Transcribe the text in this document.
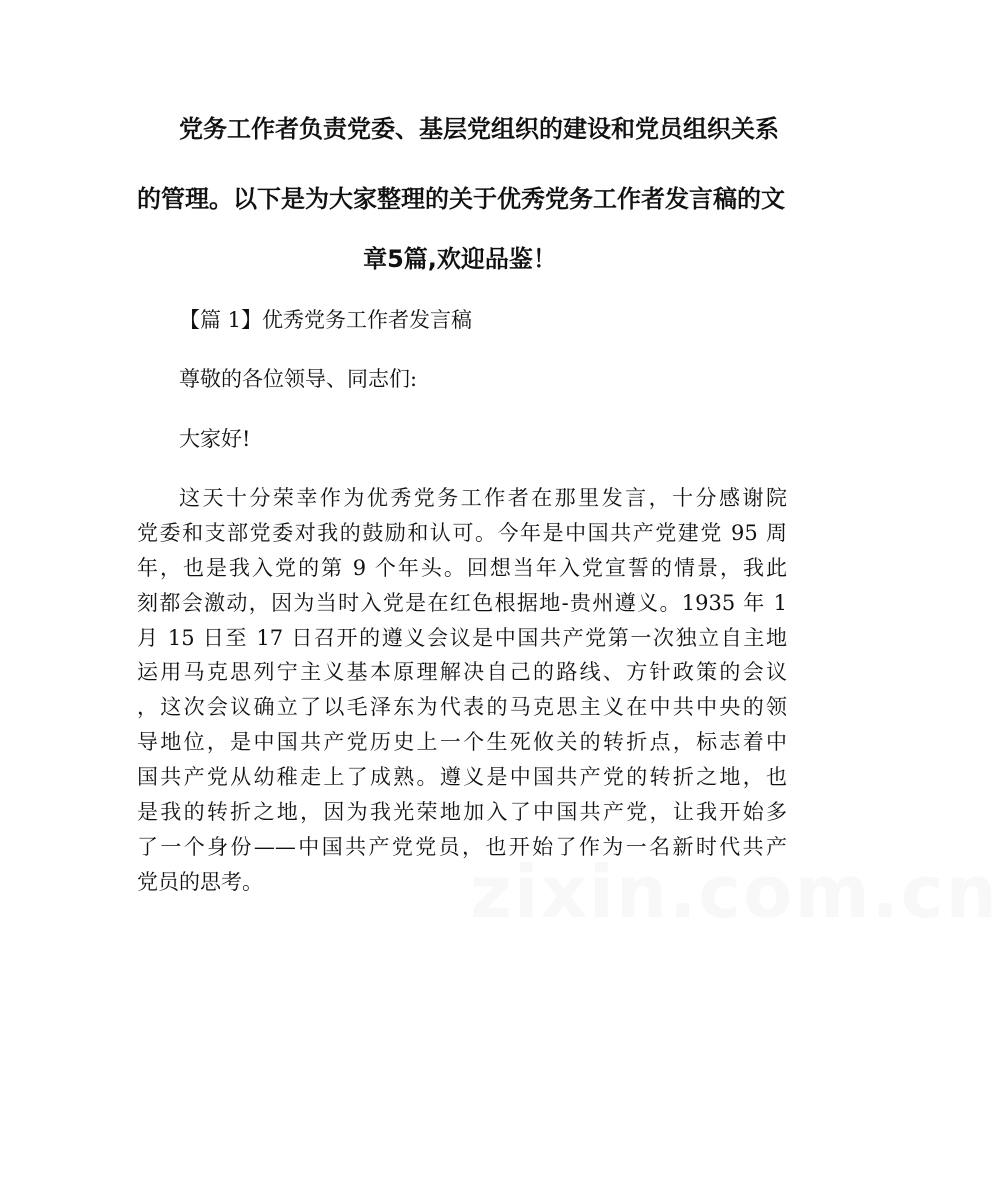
党务工作者负责党委、基层党组织的建设和党员组织关系
的管理。以下是为大家整理的关于优秀党务工作者发言稿的文
章5篇,欢迎品鉴！
【篇 1】优秀党务工作者发言稿
尊敬的各位领导、同志们:
大家好!
这天十分荣幸作为优秀党务工作者在那里发言，十分感谢院
党委和支部党委对我的鼓励和认可。今年是中国共产党建党 95 周
年，也是我入党的第 9 个年头。回想当年入党宣誓的情景，我此
刻都会激动，因为当时入党是在红色根据地-贵州遵义。1935 年 1
月 15 日至 17 日召开的遵义会议是中国共产党第一次独立自主地
运用马克思列宁主义基本原理解决自己的路线、方针政策的会议
，这次会议确立了以毛泽东为代表的马克思主义在中共中央的领
导地位，是中国共产党历史上一个生死攸关的转折点，标志着中
国共产党从幼稚走上了成熟。遵义是中国共产党的转折之地，也
是我的转折之地，因为我光荣地加入了中国共产党，让我开始多
了一个身份——中国共产党党员，也开始了作为一名新时代共产
党员的思考。	zixin.com.cn
